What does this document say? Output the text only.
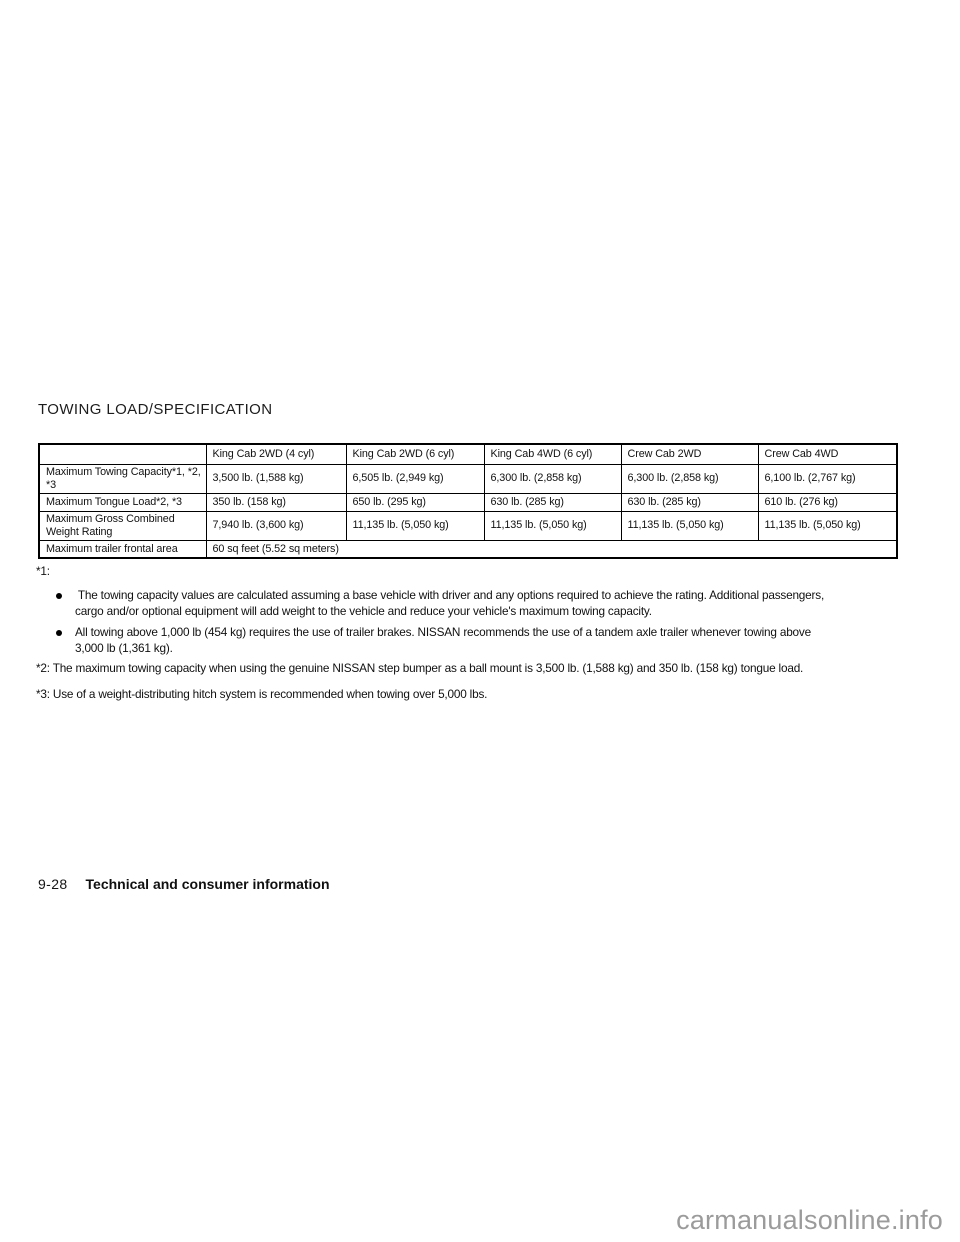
TOWING LOAD/SPECIFICATION
	King Cab 2WD (4 cyl)	King Cab 2WD (6 cyl)	King Cab 4WD (6 cyl)	Crew Cab 2WD	Crew Cab 4WD

Maximum Towing Capacity*1, *2,
*3	3,500 lb. (1,588 kg)	6,505 lb. (2,949 kg)	6,300 lb. (2,858 kg)	6,300 lb. (2,858 kg)	6,100 lb. (2,767 kg)
Maximum Tongue Load*2, *3	350 lb. (158 kg)	650 lb. (295 kg)	630 lb. (285 kg)	630 lb. (285 kg)	610 lb. (276 kg)

Maximum Gross Combined
Weight Rating	7,940 lb. (3,600 kg)	11,135 lb. (5,050 kg)	11,135 lb. (5,050 kg)	11,135 lb. (5,050 kg)	11,135 lb. (5,050 kg)
Maximum trailer frontal area	60 sq feet (5.52 sq meters)				
*1:
The towing capacity values are calculated assuming a base vehicle with driver and any options required to achieve the rating. Additional passengers,
cargo and/or optional equipment will add weight to the vehicle and reduce your vehicle's maximum towing capacity.
All towing above 1,000 lb (454 kg) requires the use of trailer brakes. NISSAN recommends the use of a tandem axle trailer whenever towing above
3,000 lb (1,361 kg).
*2: The maximum towing capacity when using the genuine NISSAN step bumper as a ball mount is 3,500 lb. (1,588 kg) and 350 lb. (158 kg) tongue load.
*3: Use of a weight-distributing hitch system is recommended when towing over 5,000 lbs.
9-28 Technical and consumer information
carmanualsonline.info
